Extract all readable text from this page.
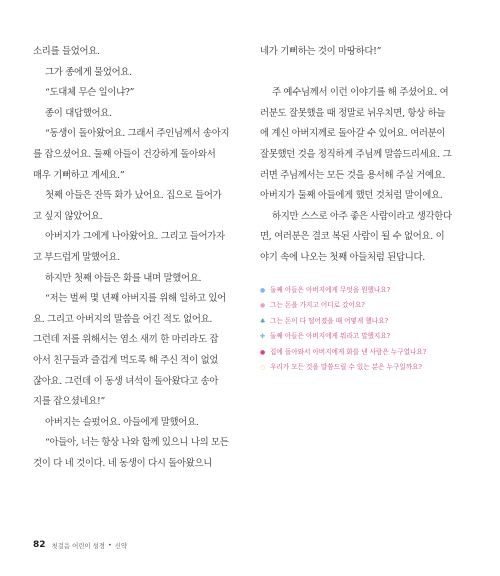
소리를 들었어요.
그가 종에게 물었어요.
“도대체 무슨 일이냐?”
종이 대답했어요.
“동생이 돌아왔어요. 그래서 주인님께서 송아지
를 잡으셨어요. 둘째 아들이 건강하게 돌아와서
매우 기뻐하고 계세요.”
첫째 아들은 잔뜩 화가 났어요. 집으로 들어가
고 싶지 않았어요.
아버지가 그에게 나아왔어요. 그리고 들어가자
고 부드럽게 말했어요.
하지만 첫째 아들은 화를 내며 말했어요.
“저는 벌써 몇 년째 아버지를 위해 일하고 있어
요. 그리고 아버지의 말씀을 어긴 적도 없어요.
그런데 저를 위해서는 염소 새끼 한 마리라도 잡
아서 친구들과 즐겁게 먹도록 해 주신 적이 없었
잖아요. 그런데 이 동생 녀석이 돌아왔다고 송아
지를 잡으셨네요!”
아버지는 슬펐어요. 아들에게 말했어요.
“아들아, 너는 항상 나와 함께 있으니 나의 모든
것이 다 네 것이다. 네 동생이 다시 돌아왔으니
네가 기뻐하는 것이 마땅하다!”
주 예수님께서 이런 이야기를 해 주셨어요. 여
러분도 잘못했을 때 정말로 뉘우치면, 항상 하늘
에 계신 아버지께로 돌아갈 수 있어요. 여러분이
잘못했던 것을 정직하게 주님께 말씀드리세요. 그
러면 주님께서는 모든 것을 용서해 주실 거예요.
아버지가 둘째 아들에게 했던 것처럼 말이에요.
하지만 스스로 아주 좋은 사람이라고 생각한다
면, 여러분은 결코 복된 사람이 될 수 없어요. 이
야기 속에 나오는 첫째 아들처럼 된답니다.
● 둘째 아들은 아버지에게 무엇을 원했나요?
● 그는 돈을 가지고 어디로 갔어요?
♣ 그는 돈이 다 떨어졌을 때 어떻게 했나요?
✤ 둘째 아들은 아버지에게 뭐라고 말했지요?
● 집에 돌아와서 아버지에게 화를 낸 사람은 누구였나요?
○ 우리가 모든 것을 말씀드릴 수 있는 분은 누구일까요?
82 첫걸음 어린이 성경 • 신약
